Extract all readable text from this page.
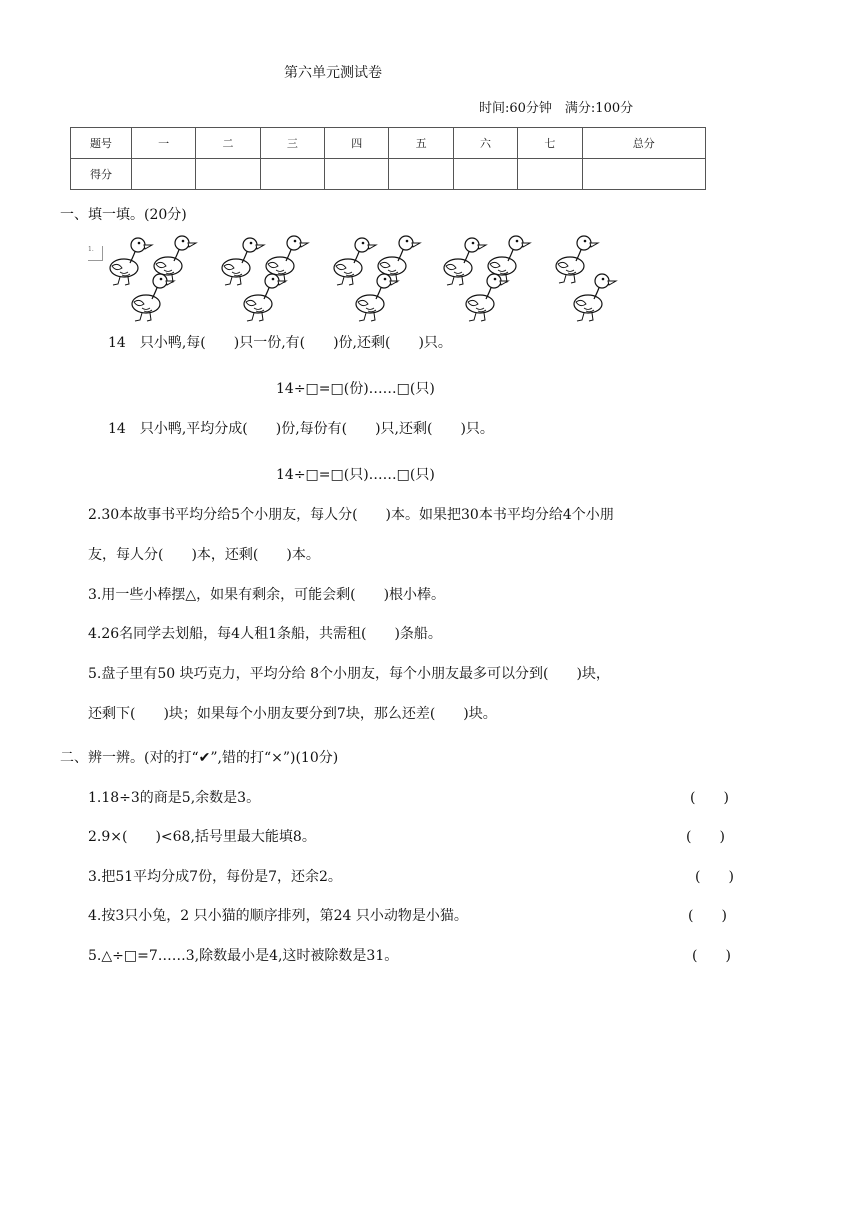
第六单元测试卷
时间:60分钟　满分:100分
题号	一	二	三	四	五	六	七	总分
得分								
一、填一填。(20分)
1.
14　只小鸭,每(　　)只一份,有(　　)份,还剩(　　)只。
14÷□=□(份)……□(只)
14　只小鸭,平均分成(　　)份,每份有(　　)只,还剩(　　)只。
14÷□=□(只)……□(只)
2.30本故事书平均分给5个小朋友，每人分(　　)本。如果把30本书平均分给4个小朋
友，每人分(　　)本，还剩(　　)本。
3.用一些小棒摆△，如果有剩余，可能会剩(　　)根小棒。
4.26名同学去划船，每4人租1条船，共需租(　　)条船。
5.盘子里有50 块巧克力，平均分给 8个小朋友，每个小朋友最多可以分到(　　)块，
还剩下(　　)块；如果每个小朋友要分到7块，那么还差(　　)块。
二、辨一辨。(对的打“✔”,错的打“×”)(10分)
1.18÷3的商是5,余数是3。	(　　)
2.9×(　　)<68,括号里最大能填8。	(　　)
3.把51平均分成7份，每份是7，还余2。	(　　)
4.按3只小兔，2 只小猫的顺序排列，第24 只小动物是小猫。	(　　)
5.△÷□=7……3,除数最小是4,这时被除数是31。	(　　)
